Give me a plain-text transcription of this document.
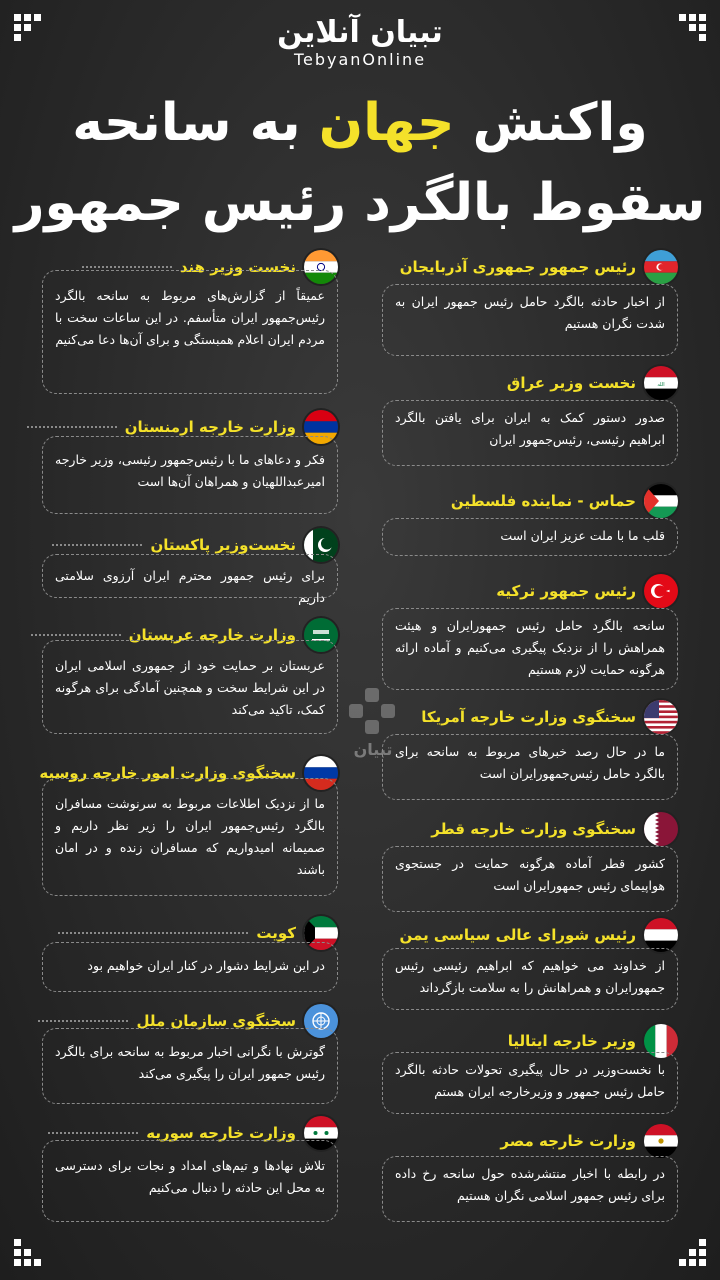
تبیان آنلاین
TebyanOnline
واکنش جهان به سانحه
سقوط بالگرد رئیس جمهور
تبیان
رئیس جمهور جمهوری آذربایجان
از اخبار حادثه بالگرد حامل رئیس جمهور ایران به شدت نگران هستیم
الله
نخست وزیر عراق
صدور دستور کمک به ایران برای یافتن بالگرد ابراهیم رئیسی، رئیس‌جمهور ایران
حماس - نماینده فلسطین
قلب ما با ملت عزیز ایران است
رئیس جمهور ترکیه
سانحه بالگرد حامل رئیس جمهورایران و هیئت همراهش را از نزدیک پیگیری می‌کنیم و آماده ارائه هرگونه حمایت لازم هستیم
سخنگوی وزارت خارجه آمریکا
ما در حال رصد خبرهای مربوط به سانحه برای بالگرد حامل رئیس‌جمهورایران است
سخنگوی وزارت خارجه قطر
کشور قطر آماده هرگونه حمایت در جستجوی هواپیمای رئیس جمهورایران است
رئیس شورای عالی سیاسی یمن
از خداوند می‌ خواهیم که ابراهیم رئیسی رئیس جمهورایران و همراهانش را به سلامت بازگرداند
وزیر خارجه ایتالیا
با نخست‌وزیر در حال پیگیری تحولات حادثه بالگرد حامل رئیس جمهور و وزیرخارجه ایران هستم
وزارت خارجه مصر
در رابطه با اخبار منتشرشده حول سانحه رخ داده برای رئیس جمهور اسلامی نگران هستیم
نخست وزیر هند
عمیقاً از گزارش‌های مربوط به سانحه بالگرد رئیس‌جمهور ایران متأسفم. در این ساعات سخت با مردم ایران اعلام همبستگی و برای آن‌ها دعا می‌کنیم
وزارت خارجه ارمنستان
فکر و دعاهای ما با رئیس‌جمهور رئیسی، وزیر خارجه امیرعبداللهیان و همراهان آن‌ها است
نخست‌وزیر پاکستان
برای رئیس جمهور محترم ایران آرزوی سلامتی داریم
وزارت خارجه عربستان
عربستان بر حمایت خود از جمهوری اسلامی ایران در این شرایط سخت و همچنین آمادگی برای هرگونه کمک، تاکید می‌کند
سخنگوی وزارت امور خارجه روسیه
ما از نزدیک اطلاعات مربوط به سرنوشت مسافران بالگرد رئیس‌جمهور ایران را زیر نظر داریم و صمیمانه امیدواریم که مسافران زنده و در امان باشند
کویت
در این شرایط دشوار در کنار ایران خواهیم بود
سخنگوی سازمان ملل
گوترش با نگرانی اخبار مربوط به سانحه برای بالگرد رئیس جمهور ایران را پیگیری می‌کند
وزارت خارجه سوریه
تلاش نهادها و تیم‌های امداد و نجات برای دسترسی به محل این حادثه را دنبال می‌کنیم
